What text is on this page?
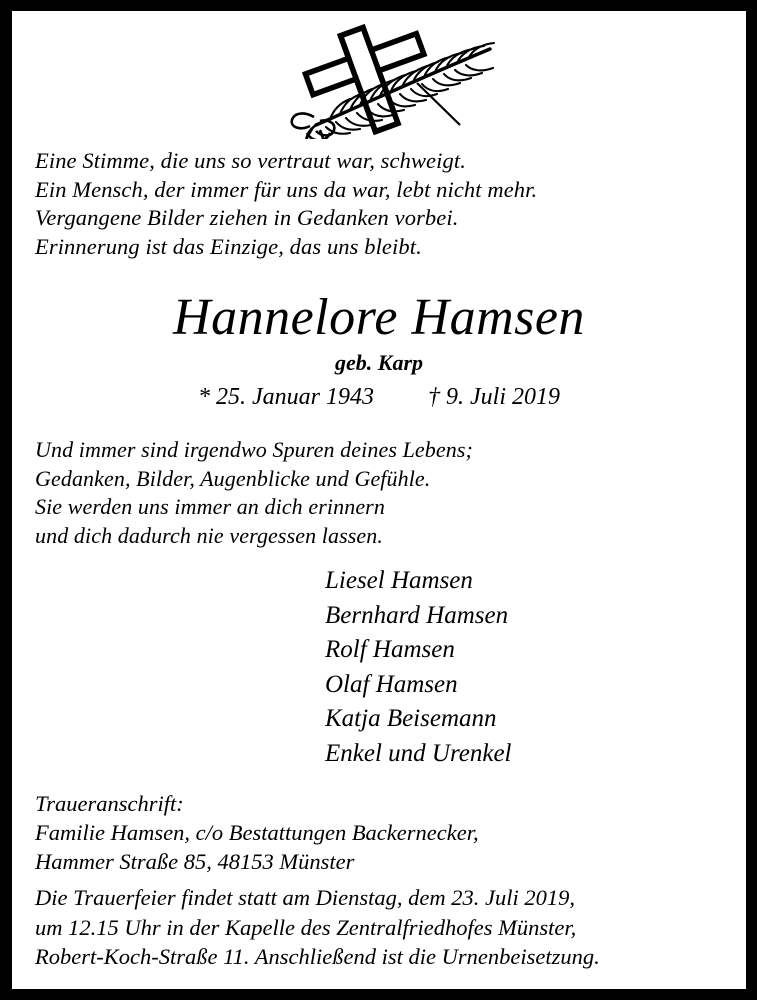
Eine Stimme, die uns so vertraut war, schweigt.
Ein Mensch, der immer für uns da war, lebt nicht mehr.
Vergangene Bilder ziehen in Gedanken vorbei.
Erinnerung ist das Einzige, das uns bleibt.
Hannelore Hamsen
geb. Karp
* 25. Januar 1943 † 9. Juli 2019
Und immer sind irgendwo Spuren deines Lebens;
Gedanken, Bilder, Augenblicke und Gefühle.
Sie werden uns immer an dich erinnern
und dich dadurch nie vergessen lassen.
Liesel Hamsen
Bernhard Hamsen
Rolf Hamsen
Olaf Hamsen
Katja Beisemann
Enkel und Urenkel
Traueranschrift:
Familie Hamsen, c/o Bestattungen Backernecker,
Hammer Straße 85, 48153 Münster
Die Trauerfeier findet statt am Dienstag, dem 23. Juli 2019,
um 12.15 Uhr in der Kapelle des Zentralfriedhofes Münster,
Robert-Koch-Straße 11. Anschließend ist die Urnenbeisetzung.
